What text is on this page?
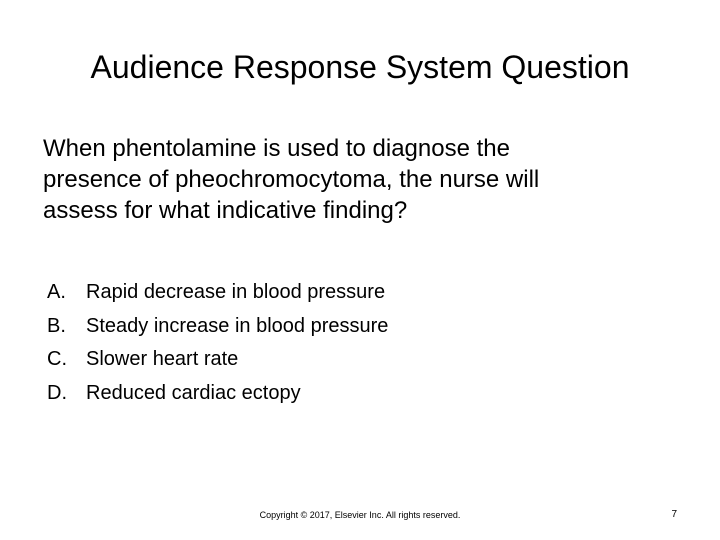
Audience Response System Question
When phentolamine is used to diagnose the
presence of pheochromocytoma, the nurse will
assess for what indicative finding?
A. Rapid decrease in blood pressure
B. Steady increase in blood pressure
C. Slower heart rate
D. Reduced cardiac ectopy
Copyright © 2017, Elsevier Inc. All rights reserved.	7
